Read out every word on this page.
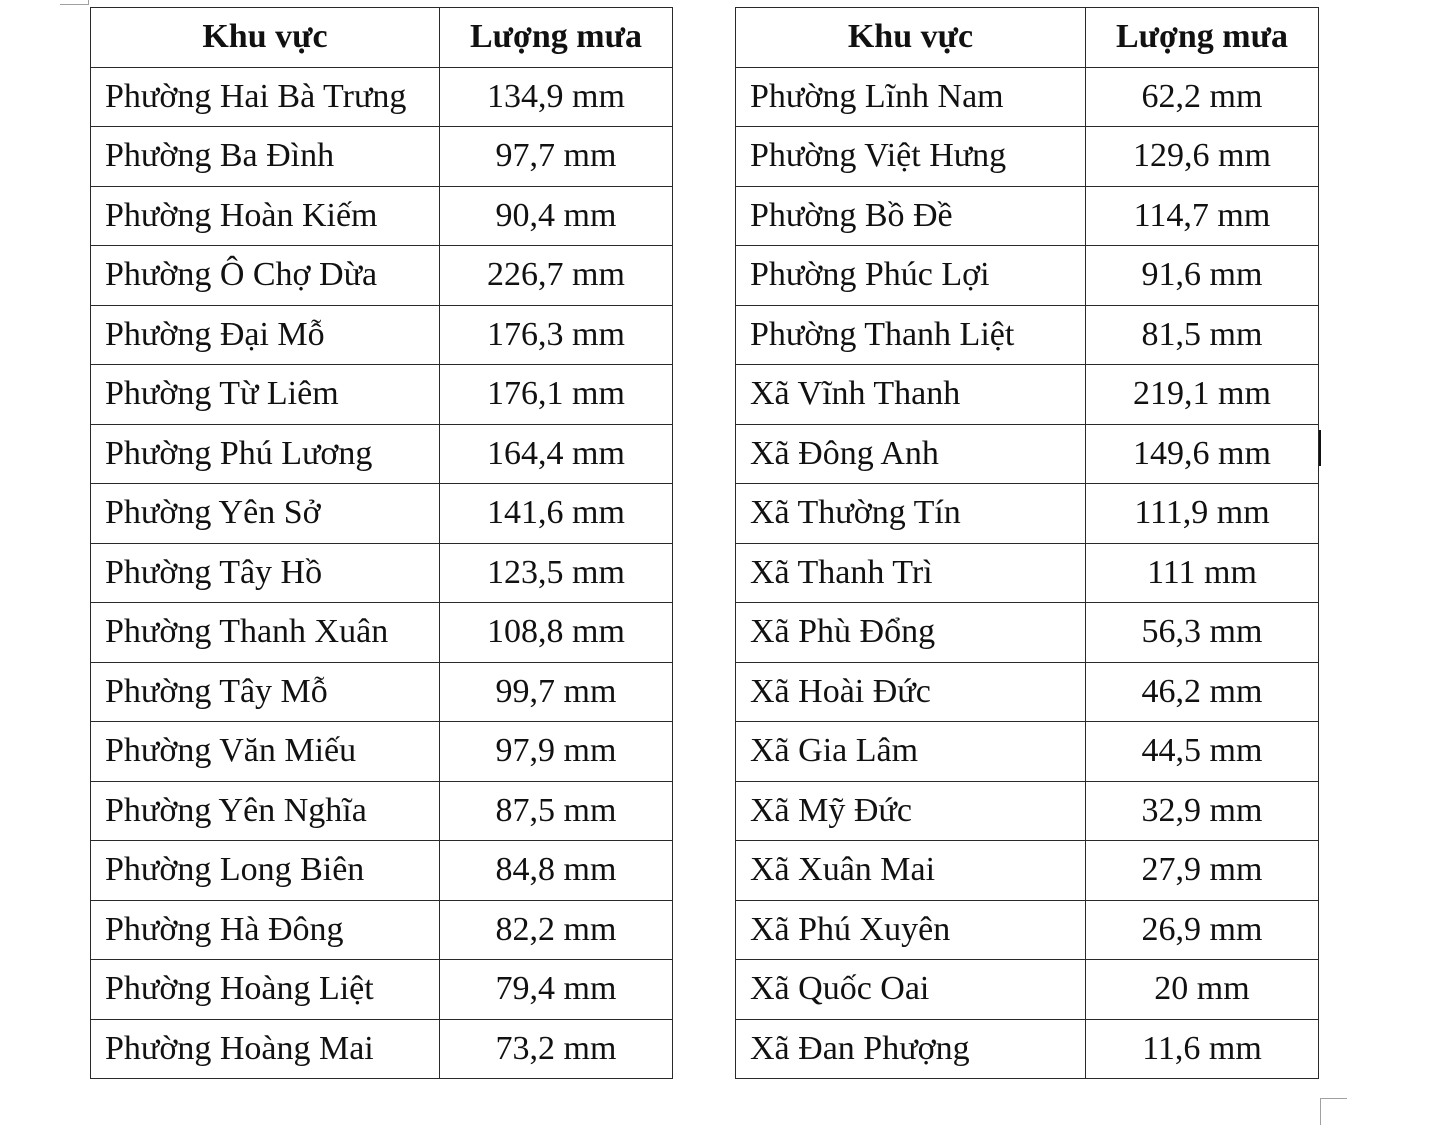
Khu vực	Lượng mưa
Phường Hai Bà Trưng	134,9 mm
Phường Ba Đình	97,7 mm
Phường Hoàn Kiếm	90,4 mm
Phường Ô Chợ Dừa	226,7 mm
Phường Đại Mỗ	176,3 mm
Phường Từ Liêm	176,1 mm
Phường Phú Lương	164,4 mm
Phường Yên Sở	141,6 mm
Phường Tây Hồ	123,5 mm
Phường Thanh Xuân	108,8 mm
Phường Tây Mỗ	99,7 mm
Phường Văn Miếu	97,9 mm
Phường Yên Nghĩa	87,5 mm
Phường Long Biên	84,8 mm
Phường Hà Đông	82,2 mm
Phường Hoàng Liệt	79,4 mm
Phường Hoàng Mai	73,2 mm
Khu vực	Lượng mưa
Phường Lĩnh Nam	62,2 mm
Phường Việt Hưng	129,6 mm
Phường Bồ Đề	114,7 mm
Phường Phúc Lợi	91,6 mm
Phường Thanh Liệt	81,5 mm
Xã Vĩnh Thanh	219,1 mm
Xã Đông Anh	149,6 mm
Xã Thường Tín	111,9 mm
Xã Thanh Trì	111 mm
Xã Phù Đổng	56,3 mm
Xã Hoài Đức	46,2 mm
Xã Gia Lâm	44,5 mm
Xã Mỹ Đức	32,9 mm
Xã Xuân Mai	27,9 mm
Xã Phú Xuyên	26,9 mm
Xã Quốc Oai	20 mm
Xã Đan Phượng	11,6 mm
